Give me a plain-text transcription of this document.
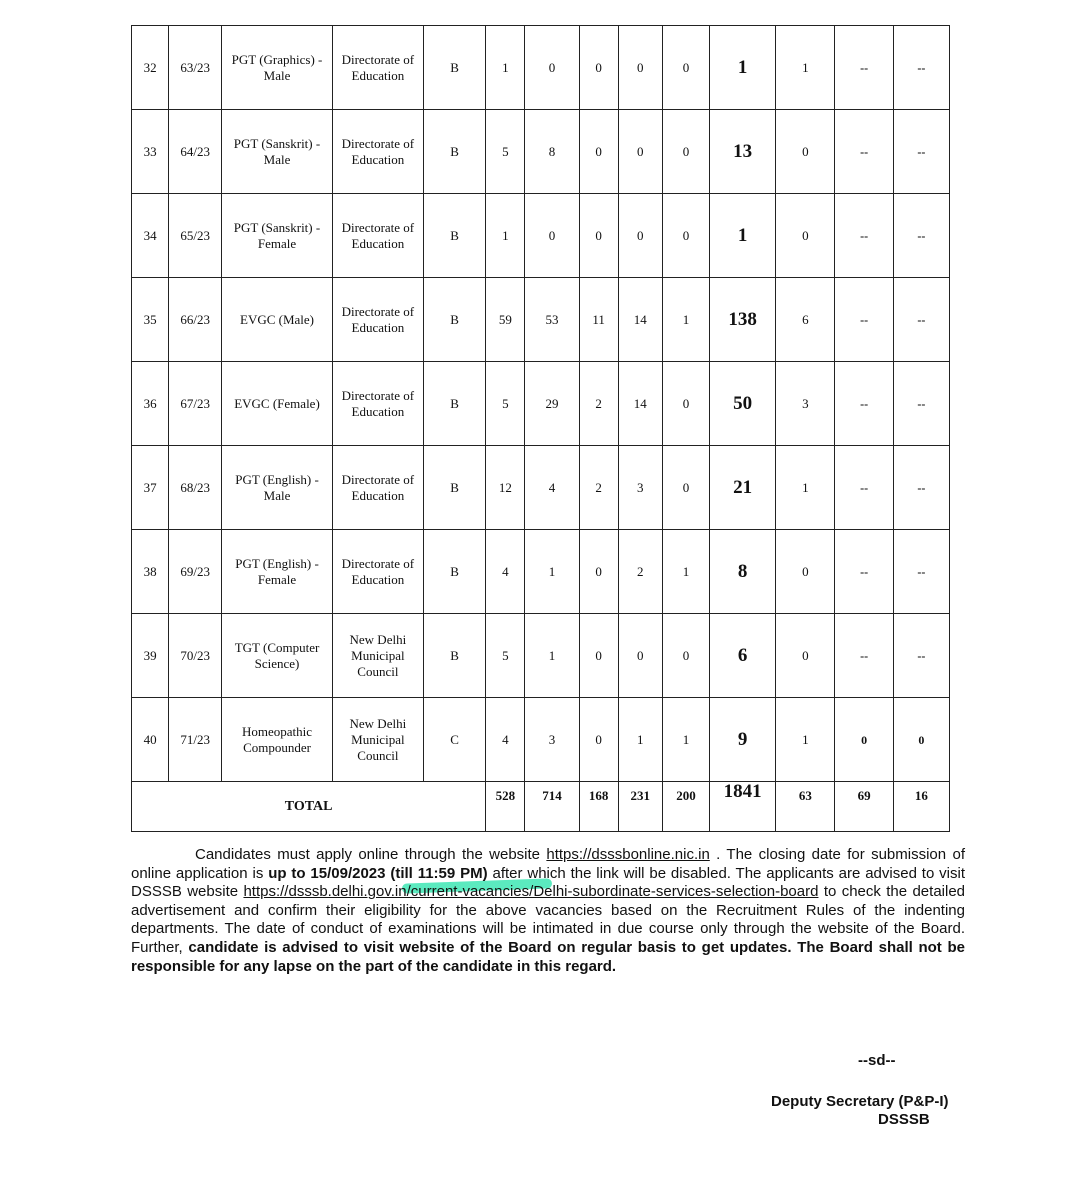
32	63/23	PGT (Graphics) - Male	Directorate of Education	B	1	0	0	0	0	1	1	--	--
33	64/23	PGT (Sanskrit) - Male	Directorate of Education	B	5	8	0	0	0	13	0	--	--
34	65/23	PGT (Sanskrit) - Female	Directorate of Education	B	1	0	0	0	0	1	0	--	--
35	66/23	EVGC (Male)	Directorate of Education	B	59	53	11	14	1	138	6	--	--
36	67/23	EVGC (Female)	Directorate of Education	B	5	29	2	14	0	50	3	--	--
37	68/23	PGT (English) - Male	Directorate of Education	B	12	4	2	3	0	21	1	--	--
38	69/23	PGT (English) - Female	Directorate of Education	B	4	1	0	2	1	8	0	--	--
39	70/23	TGT (Computer Science)	New Delhi Municipal Council	B	5	1	0	0	0	6	0	--	--
40	71/23	Homeopathic Compounder	New Delhi Municipal Council	C	4	3	0	1	1	9	1	0	0
TOTAL					528	714	168	231	200	1841	63	69	16
Candidates must apply online through the website https://dsssbonline.nic.in . The closing date for submission of online application is up to 15/09/2023 (till 11:59 PM) after which the link will be disabled. The applicants are advised to visit DSSSB website https://dsssb.delhi.gov.in/current-vacancies/Delhi-subordinate-services-selection-board to check the detailed advertisement and confirm their eligibility for the above vacancies based on the Recruitment Rules of the indenting departments. The date of conduct of examinations will be intimated in due course only through the website of the Board. Further, candidate is advised to visit website of the Board on regular basis to get updates. The Board shall not be responsible for any lapse on the part of the candidate in this regard.
--sd--
Deputy Secretary (P&P-I)
DSSSB
